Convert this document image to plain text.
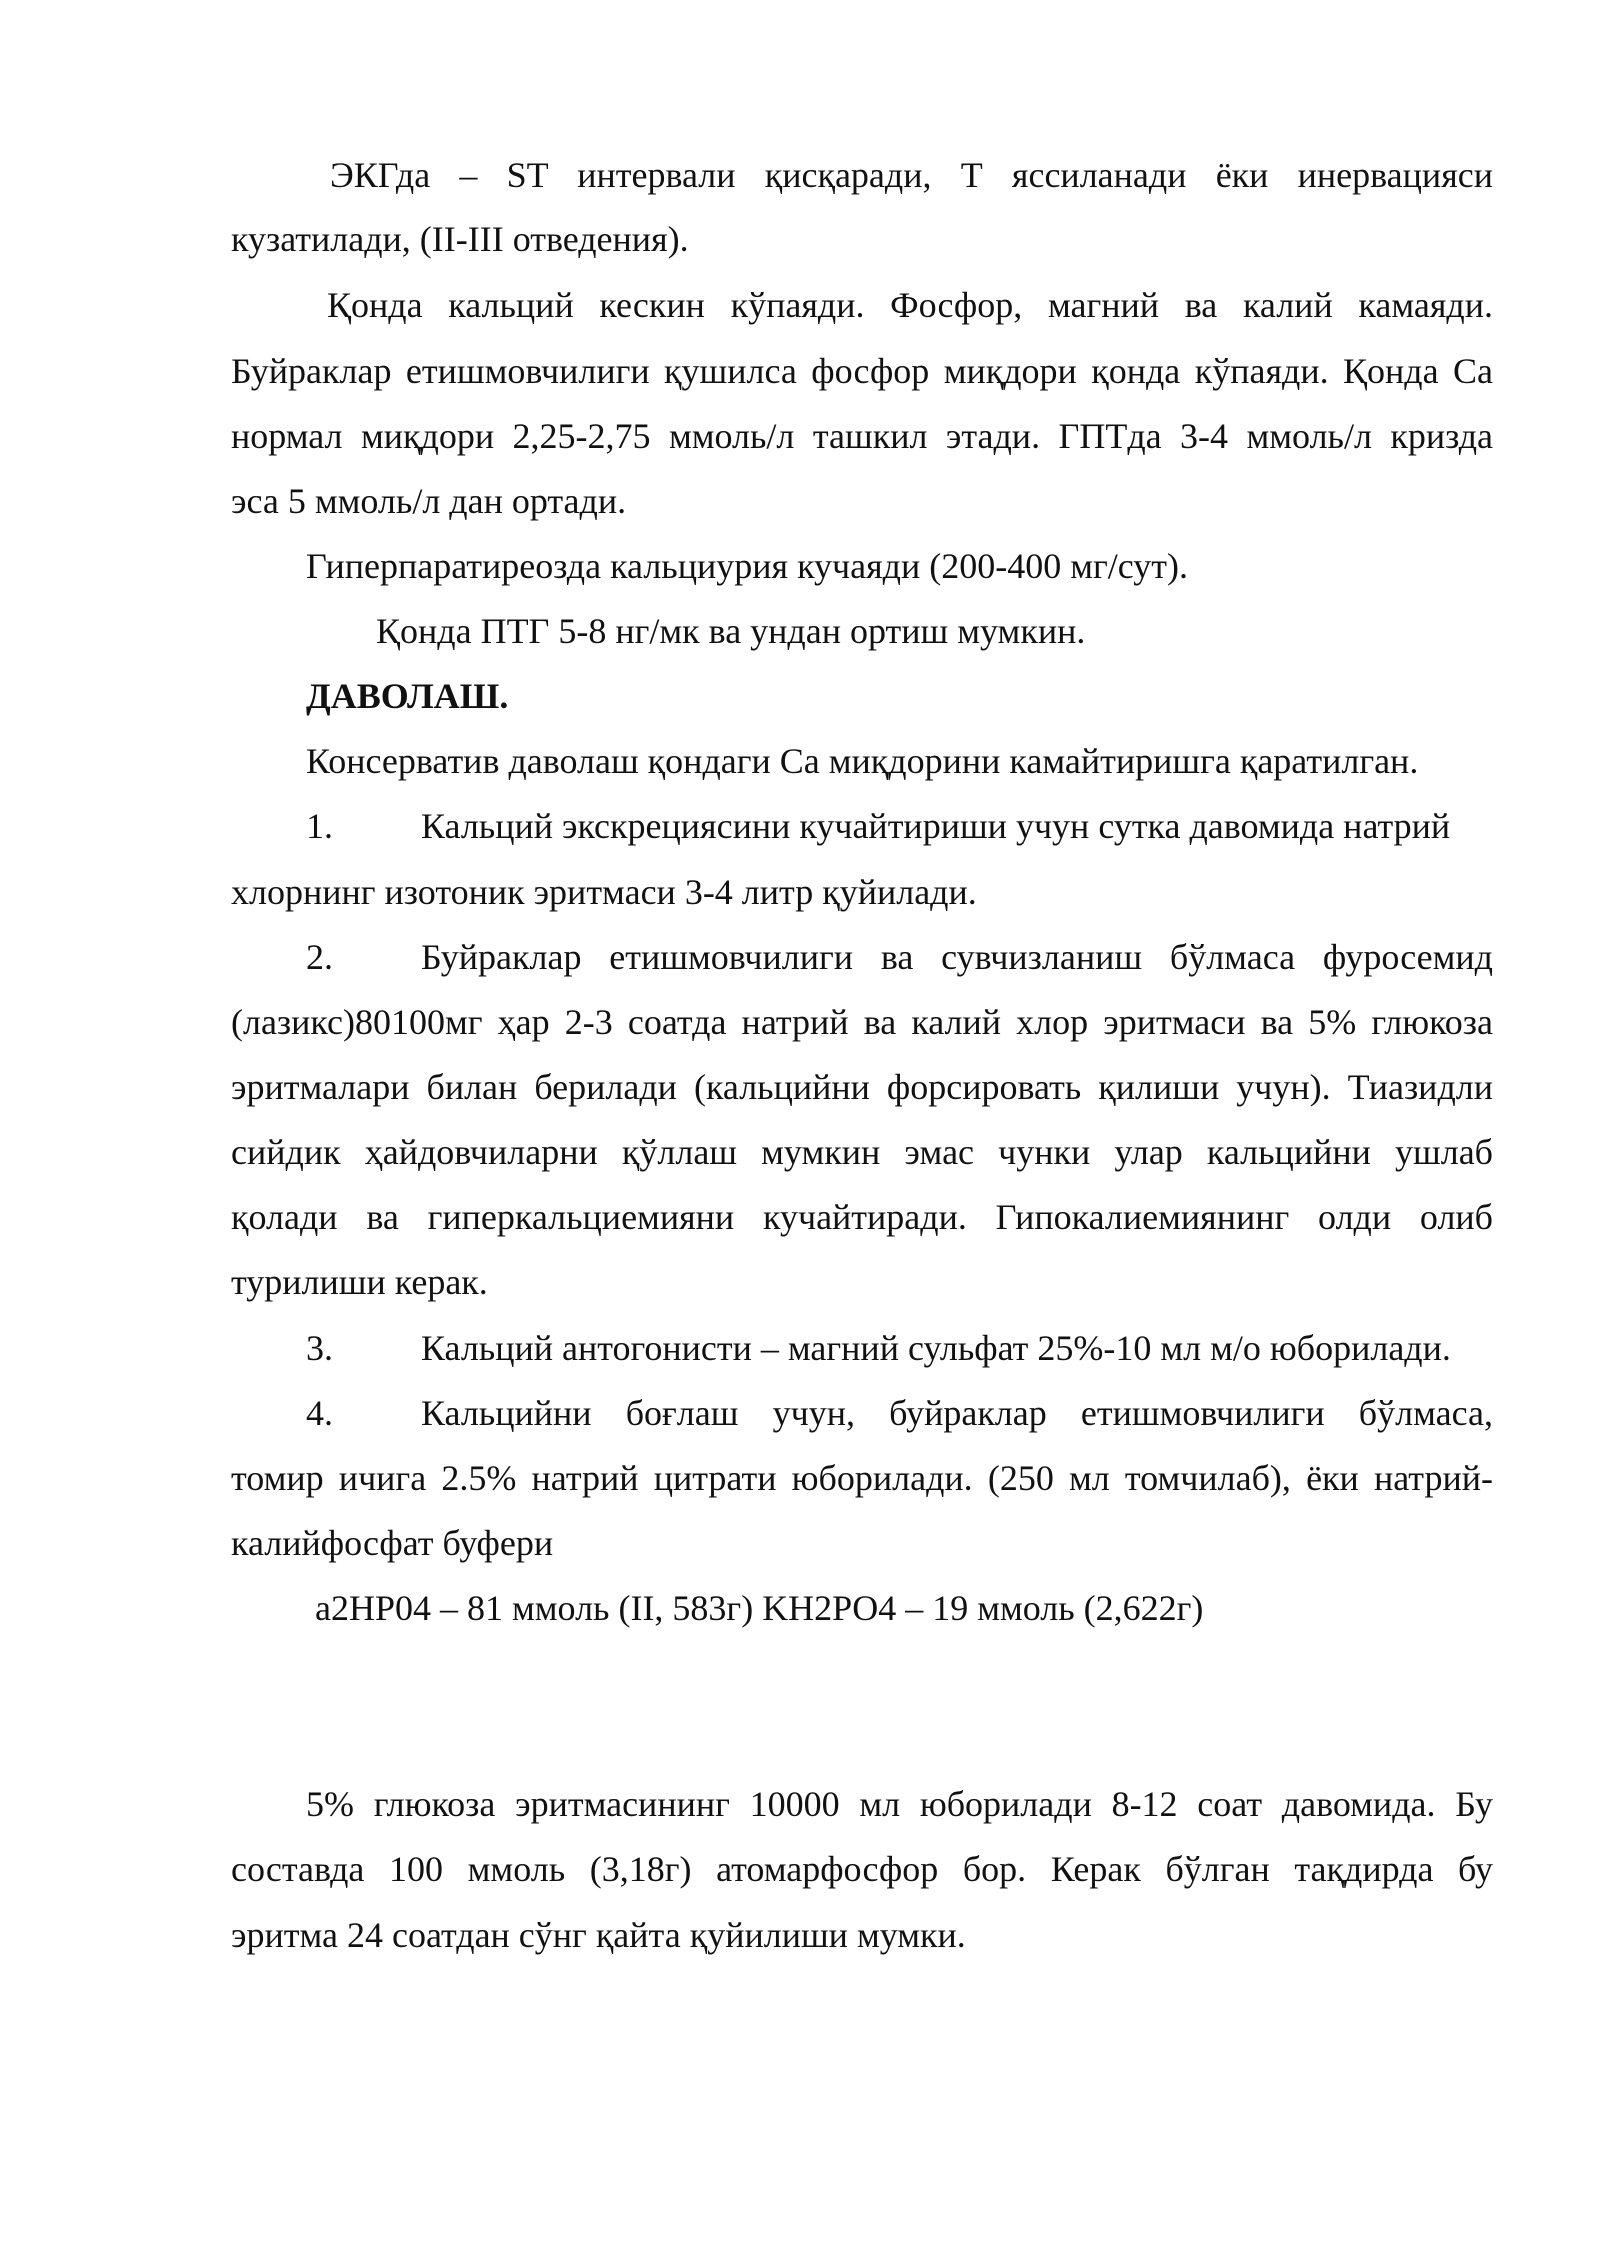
ЭКГда – ST интервали қисқаради, Т яссиланади ёки инервацияси
кузатилади, (II-III отведения).
Қонда кальций кескин кўпаяди. Фосфор, магний ва калий камаяди.
Буйраклар етишмовчилиги қушилса фосфор миқдори қонда кўпаяди. Қонда Са
нормал миқдори 2,25-2,75 ммоль/л ташкил этади. ГПТда 3-4 ммоль/л кризда
эса 5 ммоль/л дан ортади.
Гиперпаратиреозда кальциурия кучаяди (200-400 мг/сут).
Қонда ПТГ 5-8 нг/мк ва ундан ортиш мумкин.
ДАВОЛАШ.
Консерватив даволаш қондаги Са миқдорини камайтиришга қаратилган.
1. Кальций экскрециясини кучайтириши учун сутка давомида натрий
хлорнинг изотоник эритмаси 3-4 литр қуйилади.
2. Буйраклар етишмовчилиги ва сувчизланиш бўлмаса фуросемид
(лазикс)80100мг ҳар 2-3 соатда натрий ва калий хлор эритмаси ва 5% глюкоза
эритмалари билан берилади (кальцийни форсировать қилиши учун). Тиазидли
сийдик ҳайдовчиларни қўллаш мумкин эмас чунки улар кальцийни ушлаб
қолади ва гиперкальциемияни кучайтиради. Гипокалиемиянинг олди олиб
турилиши керак.
3. Кальций антогонисти – магний сульфат 25%-10 мл м/о юборилади.
4. Кальцийни боғлаш учун, буйраклар етишмовчилиги бўлмаса,
томир ичига 2.5% натрий цитрати юборилади. (250 мл томчилаб), ёки натрий-
калийфосфат буфери
a2HP04 – 81 ммоль (II, 583г) KH2PO4 – 19 ммоль (2,622г)
5% глюкоза эритмасининг 10000 мл юборилади 8-12 соат давомида. Бу
составда 100 ммоль (3,18г) атомарфосфор бор. Керак бўлган тақдирда бу
эритма 24 соатдан сўнг қайта қуйилиши мумки.
